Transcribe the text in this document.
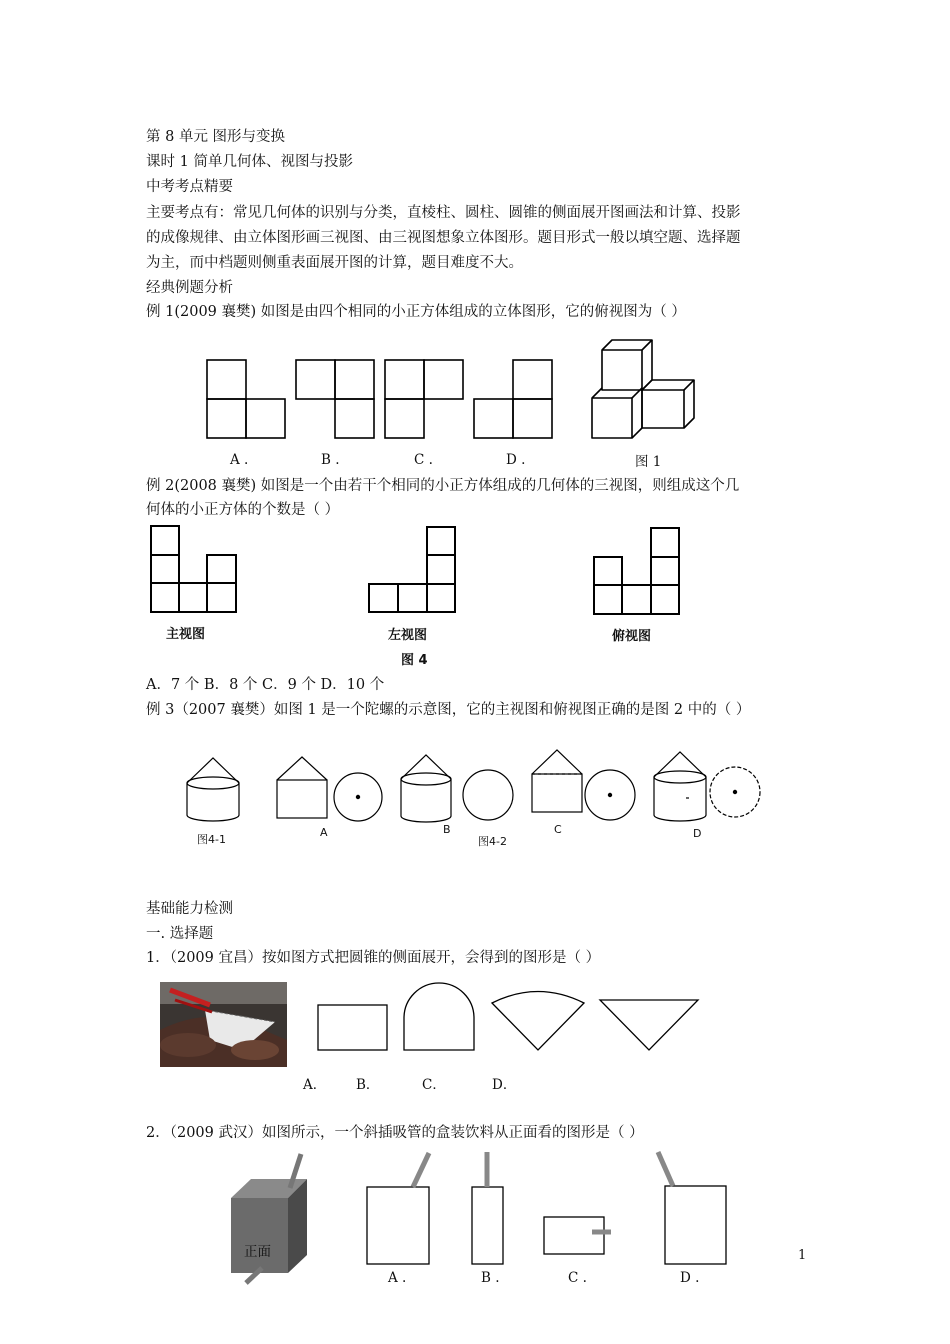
第 8 单元 图形与变换
课时 1 简单几何体、视图与投影
中考考点精要
主要考点有：常见几何体的识别与分类，直棱柱、圆柱、圆锥的侧面展开图画法和计算、投影
的成像规律、由立体图形画三视图、由三视图想象立体图形。题目形式一般以填空题、选择题
为主，而中档题则侧重表面展开图的计算，题目难度不大。
经典例题分析
例 1(2009 襄樊) 如图是由四个相同的小正方体组成的立体图形，它的俯视图为（ ）
A .	B .	C .	D .	图 1
例 2(2008 襄樊) 如图是一个由若干个相同的小正方体组成的几何体的三视图，则组成这个几
何体的小正方体的个数是（ ）
主视图	左视图	俯视图
图 4
A．7 个 B．8 个 C．9 个 D．10 个
例 3（2007 襄樊）如图 1 是一个陀螺的示意图，它的主视图和俯视图正确的是图 2 中的（ ）
图4-1
A	B
图4-2
C	D
基础能力检测
一. 选择题
1．（2009 宜昌）按如图方式把圆锥的侧面展开，会得到的图形是（ ）
A． B．	C．	D．
2．（2009 武汉）如图所示，一个斜插吸管的盒装饮料从正面看的图形是（ ）
正面
A .	B .	C .	D .
1
